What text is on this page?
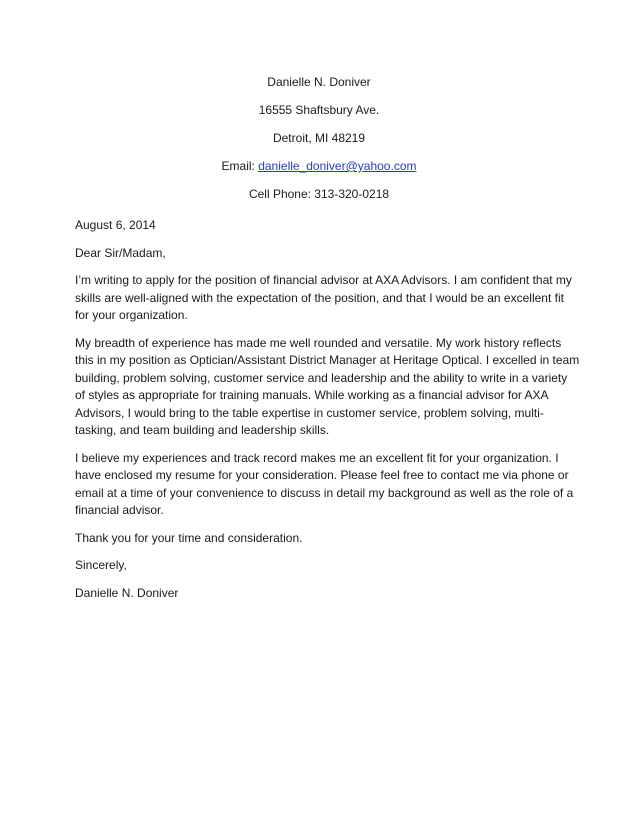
Danielle N. Doniver
16555 Shaftsbury Ave.
Detroit, MI 48219
Email: danielle_doniver@yahoo.com
Cell Phone: 313-320-0218

August 6, 2014

Dear Sir/Madam,

I’m writing to apply for the position of financial advisor at AXA Advisors. I am confident that my
skills are well-aligned with the expectation of the position, and that I would be an excellent fit
for your organization.

My breadth of experience has made me well rounded and versatile. My work history reflects
this in my position as Optician/Assistant District Manager at Heritage Optical. I excelled in team
building, problem solving, customer service and leadership and the ability to write in a variety
of styles as appropriate for training manuals. While working as a financial advisor for AXA
Advisors, I would bring to the table expertise in customer service, problem solving, multi-
tasking, and team building and leadership skills.

I believe my experiences and track record makes me an excellent fit for your organization. I
have enclosed my resume for your consideration. Please feel free to contact me via phone or
email at a time of your convenience to discuss in detail my background as well as the role of a
financial advisor.

Thank you for your time and consideration.

Sincerely,

Danielle N. Doniver
